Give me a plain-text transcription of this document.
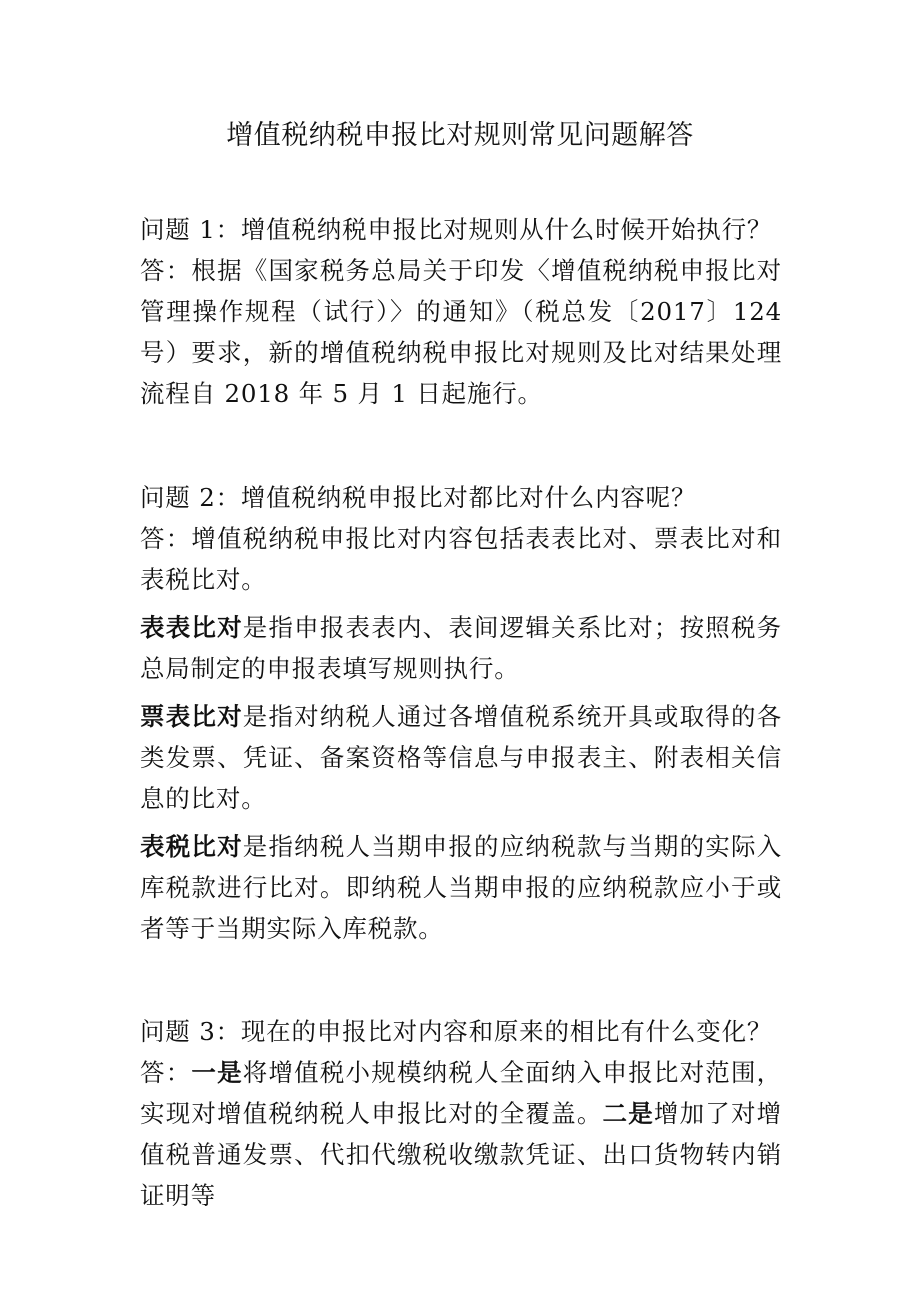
增值税纳税申报比对规则常见问题解答

问题 1：增值税纳税申报比对规则从什么时候开始执行？

答：根据《国家税务总局关于印发〈增值税纳税申报比对管理操作规程（试行）〉的通知》（税总发〔2017〕124 号）要求，新的增值税纳税申报比对规则及比对结果处理流程自 2018 年 5 月 1 日起施行。

问题 2：增值税纳税申报比对都比对什么内容呢？

答：增值税纳税申报比对内容包括表表比对、票表比对和表税比对。

表表比对是指申报表表内、表间逻辑关系比对；按照税务总局制定的申报表填写规则执行。

票表比对是指对纳税人通过各增值税系统开具或取得的各类发票、凭证、备案资格等信息与申报表主、附表相关信息的比对。

表税比对是指纳税人当期申报的应纳税款与当期的实际入库税款进行比对。即纳税人当期申报的应纳税款应小于或者等于当期实际入库税款。

问题 3：现在的申报比对内容和原来的相比有什么变化？

答：一是将增值税小规模纳税人全面纳入申报比对范围，实现对增值税纳税人申报比对的全覆盖。二是增加了对增值税普通发票、代扣代缴税收缴款凭证、出口货物转内销证明等
